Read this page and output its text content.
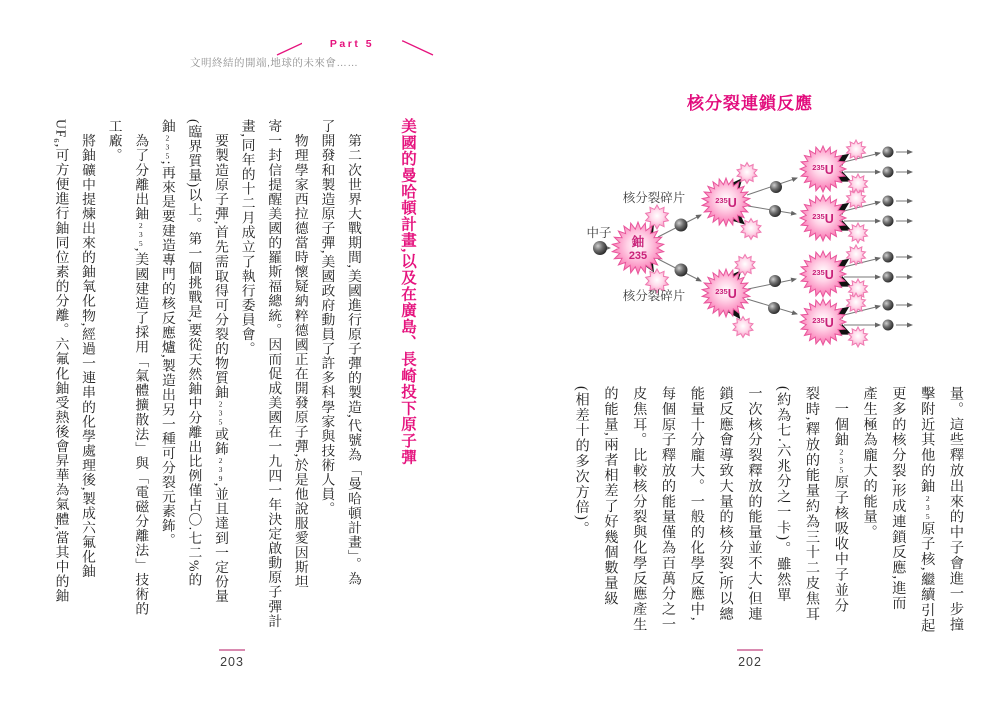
Part 5
文明終結的開端,地球的未來會……
核分裂連鎖反應
中子
核分裂碎片
核分裂碎片
鈾
235
$^{235}_U$
$^{235}_U$
$^{235}_U$
$^{235}_U$
$^{235}_U$
$^{235}_U$
量。這些釋放出來的中子會進一步撞
擊附近其他的鈾235原子核,繼續引起
更多的核分裂,形成連鎖反應,進而
產生極為龐大的能量。
　一個鈾235原子核吸收中子並分
裂時,釋放的能量約為三十二皮焦耳
(約為七.六兆分之一卡)。雖然單
一次核分裂釋放的能量並不大,但連
鎖反應會導致大量的核分裂,所以總
能量十分龐大。一般的化學反應中,
每個原子釋放的能量僅為百萬分之一
皮焦耳。比較核分裂與化學反應產生
的能量,兩者相差了好幾個數量級
(相差十的多次方倍)。
美國的曼哈頓計畫,以及在廣島、長崎投下原子彈
　第二次世界大戰期間,美國進行原子彈的製造,代號為「曼哈頓計畫」。為
了開發和製造原子彈,美國政府動員了許多科學家與技術人員。
　物理學家西拉德當時懷疑納粹德國正在開發原子彈,於是他說服愛因斯坦
寄一封信提醒美國的羅斯福總統。因而促成美國在一九四一年決定啟動原子彈計
畫,同年的十二月成立了執行委員會。
　要製造原子彈,首先需取得可分裂的物質鈾235或鈽239,並且達到一定份量
(臨界質量)以上。第一個挑戰是,要從天然鈾中分離出比例僅占〇.七二%的
鈾235;再來是要建造專門的核反應爐,製造出另一種可分裂元素鈽。
　為了分離出鈾235,美國建造了採用「氣體擴散法」與「電磁分離法」技術的
工廠。
　將鈾礦中提煉出來的鈾氧化物,經過一連串的化學處理後,製成六氟化鈾
UF₆,可方便進行鈾同位素的分離。六氟化鈾受熱後會昇華為氣體,當其中的鈾
203	202
